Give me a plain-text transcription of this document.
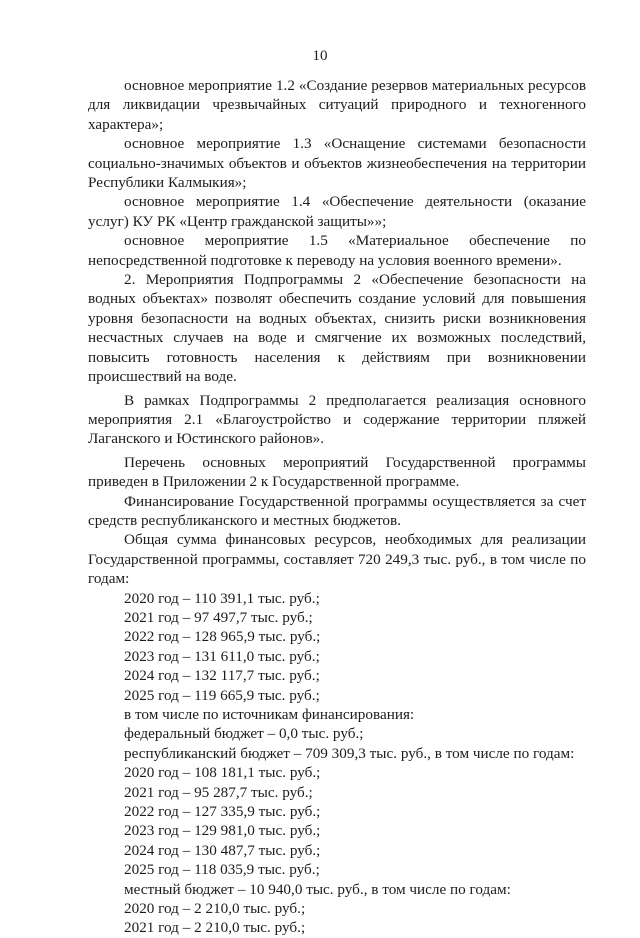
10

основное мероприятие 1.2 «Создание резервов материальных ресурсов для ликвидации чрезвычайных ситуаций природного и техногенного характера»;

основное мероприятие 1.3 «Оснащение системами безопасности социально-значимых объектов и объектов жизнеобеспечения на территории Республики Калмыкия»;

основное мероприятие 1.4 «Обеспечение деятельности (оказание услуг) КУ РК «Центр гражданской защиты»»;

основное мероприятие 1.5 «Материальное обеспечение по непосредственной подготовке к переводу на условия военного времени».

2. Мероприятия Подпрограммы 2 «Обеспечение безопасности на водных объектах» позволят обеспечить создание условий для повышения уровня безопасности на водных объектах, снизить риски возникновения несчастных случаев на воде и смягчение их возможных последствий, повысить готовность населения к действиям при возникновении происшествий на воде.

В рамках Подпрограммы 2 предполагается реализация основного мероприятия 2.1 «Благоустройство и содержание территории пляжей Лаганского и Юстинского районов».

Перечень основных мероприятий Государственной программы приведен в Приложении 2 к Государственной программе.

Финансирование Государственной программы осуществляется за счет средств республиканского и местных бюджетов.

Общая сумма финансовых ресурсов, необходимых для реализации Государственной программы, составляет 720 249,3 тыс. руб., в том числе по годам:

2020 год – 110 391,1 тыс. руб.;

2021 год – 97 497,7 тыс. руб.;

2022 год – 128 965,9 тыс. руб.;

2023 год – 131 611,0 тыс. руб.;

2024 год – 132 117,7 тыс. руб.;

2025 год – 119 665,9 тыс. руб.;

в том числе по источникам финансирования:

федеральный бюджет – 0,0 тыс. руб.;

республиканский бюджет – 709 309,3 тыс. руб., в том числе по годам:

2020 год – 108 181,1 тыс. руб.;

2021 год – 95 287,7 тыс. руб.;

2022 год – 127 335,9 тыс. руб.;

2023 год – 129 981,0 тыс. руб.;

2024 год – 130 487,7 тыс. руб.;

2025 год – 118 035,9 тыс. руб.;

местный бюджет – 10 940,0 тыс. руб., в том числе по годам:

2020 год – 2 210,0 тыс. руб.;

2021 год – 2 210,0 тыс. руб.;
